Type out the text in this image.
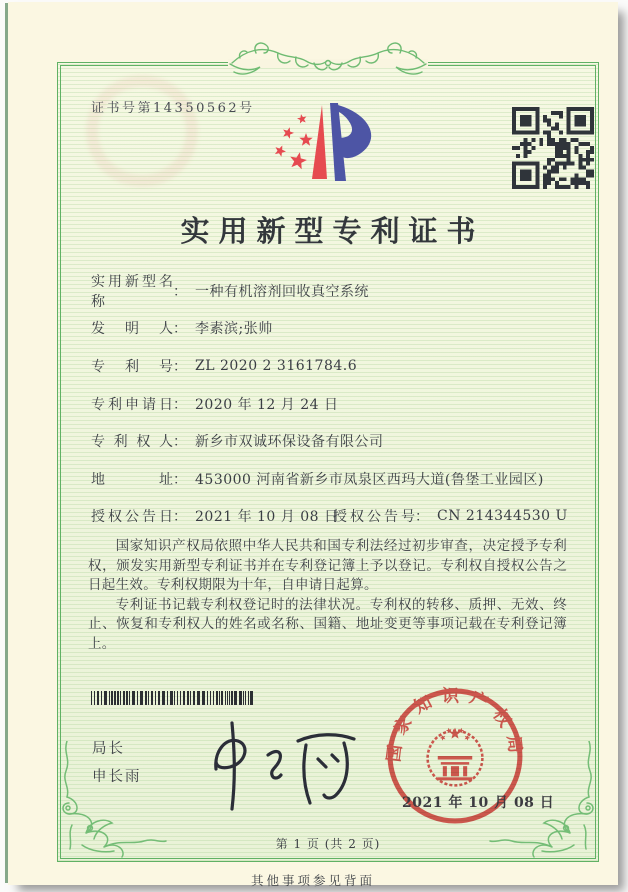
证书号第14350562号
实用新型专利证书
实用新型名称
： 一种有机溶剂回收真空系统
发明人 ： 李素滨;张帅
专利号 ： ZL 2020 2 3161784.6
专利申请日 ： 2020 年 12 月 24 日
专利权人 ： 新乡市双诚环保设备有限公司
地址 ： 453000 河南省新乡市凤泉区西玛大道(鲁堡工业园区)
授权公告日 ： 2021 年 10 月 08 日
授权公告号 ： CN 214344530 U

国家知识产权局依照中华人民共和国专利法经过初步审查，决定授予专利权，颁发实用新型专利证书并在专利登记簿上予以登记。专利权自授权公告之日起生效。专利权期限为十年，自申请日起算。

专利证书记载专利权登记时的法律状况。专利权的转移、质押、无效、终止、恢复和专利权人的姓名或名称、国籍、地址变更等事项记载在专利登记簿上。

局长
申长雨
国家知识产权局
2021 年 10 月 08 日
第 1 页 (共 2 页)
其他事项参见背面
